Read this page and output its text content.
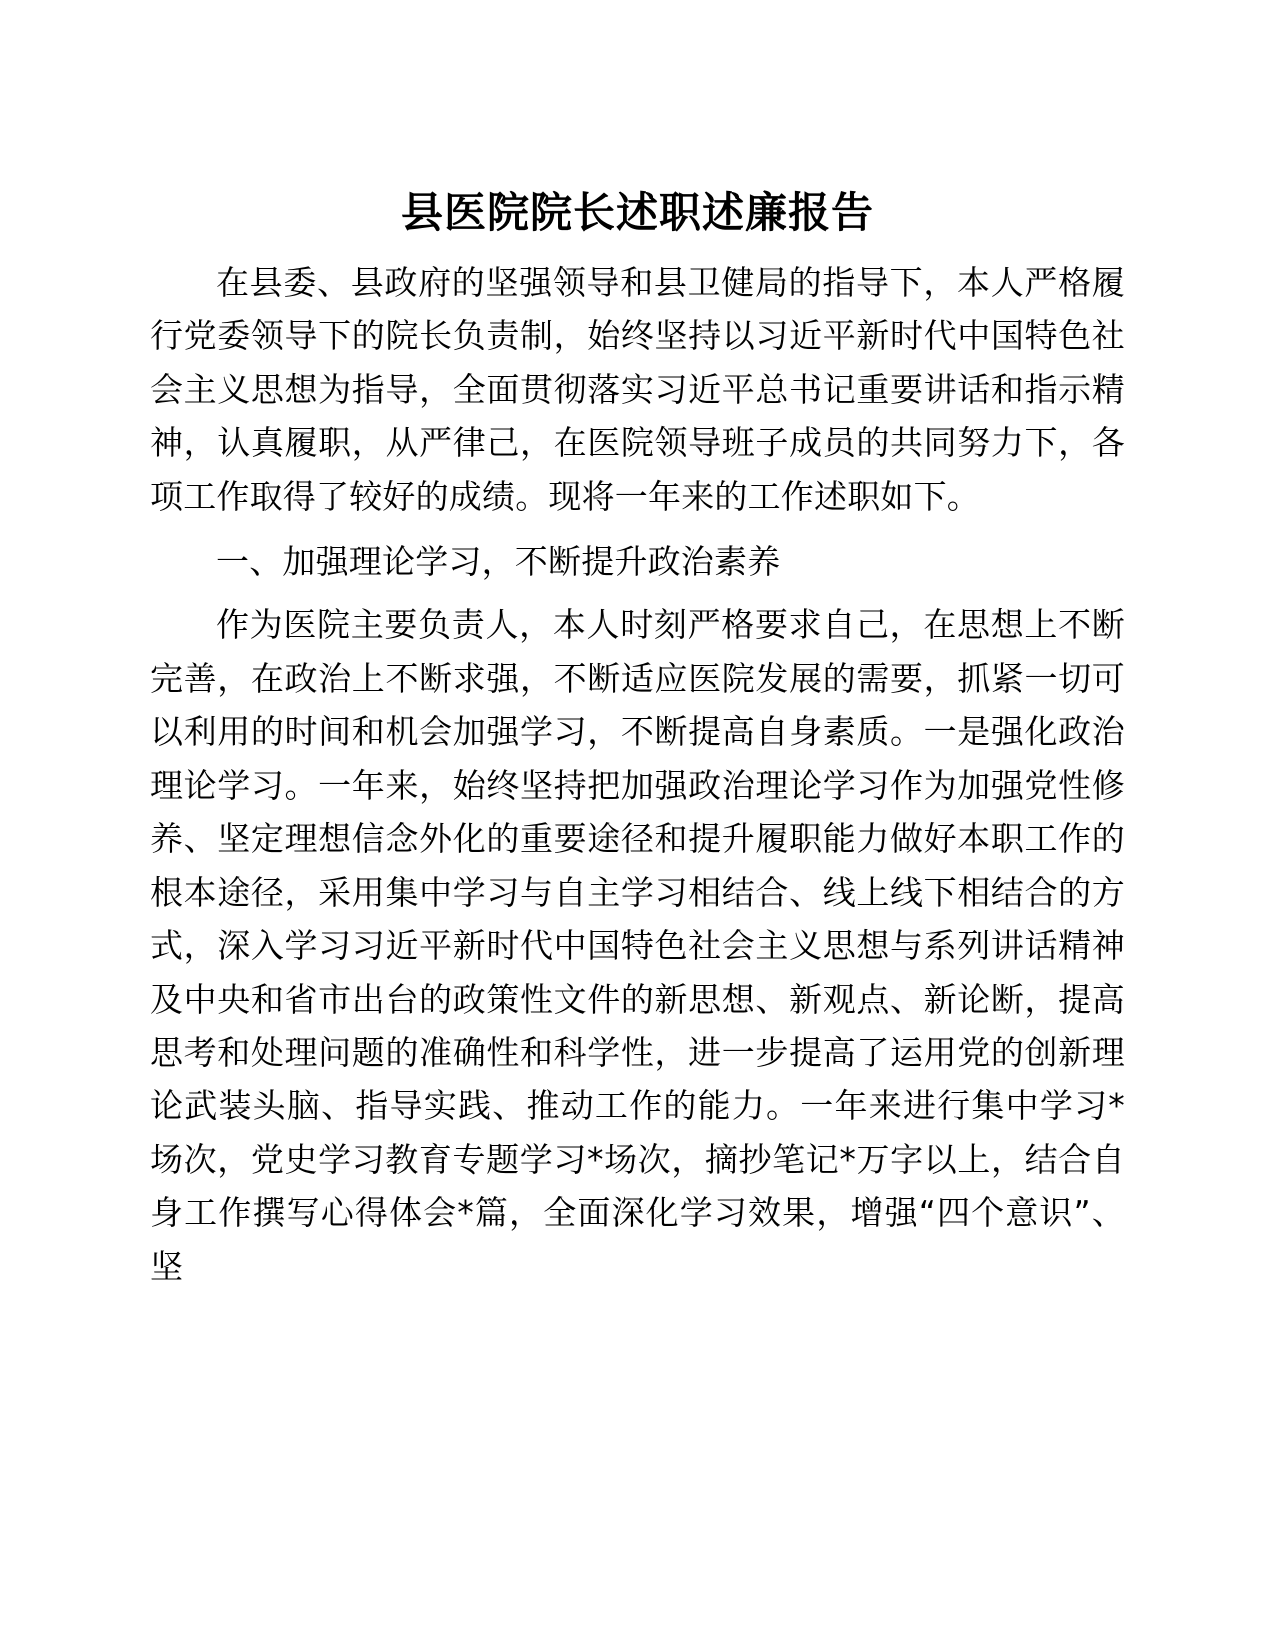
县医院院长述职述廉报告

在县委、县政府的坚强领导和县卫健局的指导下，本人严格履行党委领导下的院长负责制，始终坚持以习近平新时代中国特色社会主义思想为指导，全面贯彻落实习近平总书记重要讲话和指示精神，认真履职，从严律己，在医院领导班子成员的共同努力下，各项工作取得了较好的成绩。现将一年来的工作述职如下。

一、加强理论学习，不断提升政治素养

作为医院主要负责人，本人时刻严格要求自己，在思想上不断完善，在政治上不断求强，不断适应医院发展的需要，抓紧一切可以利用的时间和机会加强学习，不断提高自身素质。一是强化政治理论学习。一年来，始终坚持把加强政治理论学习作为加强党性修养、坚定理想信念外化的重要途径和提升履职能力做好本职工作的根本途径，采用集中学习与自主学习相结合、线上线下相结合的方式，深入学习习近平新时代中国特色社会主义思想与系列讲话精神及中央和省市出台的政策性文件的新思想、新观点、新论断，提高思考和处理问题的准确性和科学性，进一步提高了运用党的创新理论武装头脑、指导实践、推动工作的能力。一年来进行集中学习*场次，党史学习教育专题学习*场次，摘抄笔记*万字以上，结合自身工作撰写心得体会*篇，全面深化学习效果，增强“四个意识”、坚
